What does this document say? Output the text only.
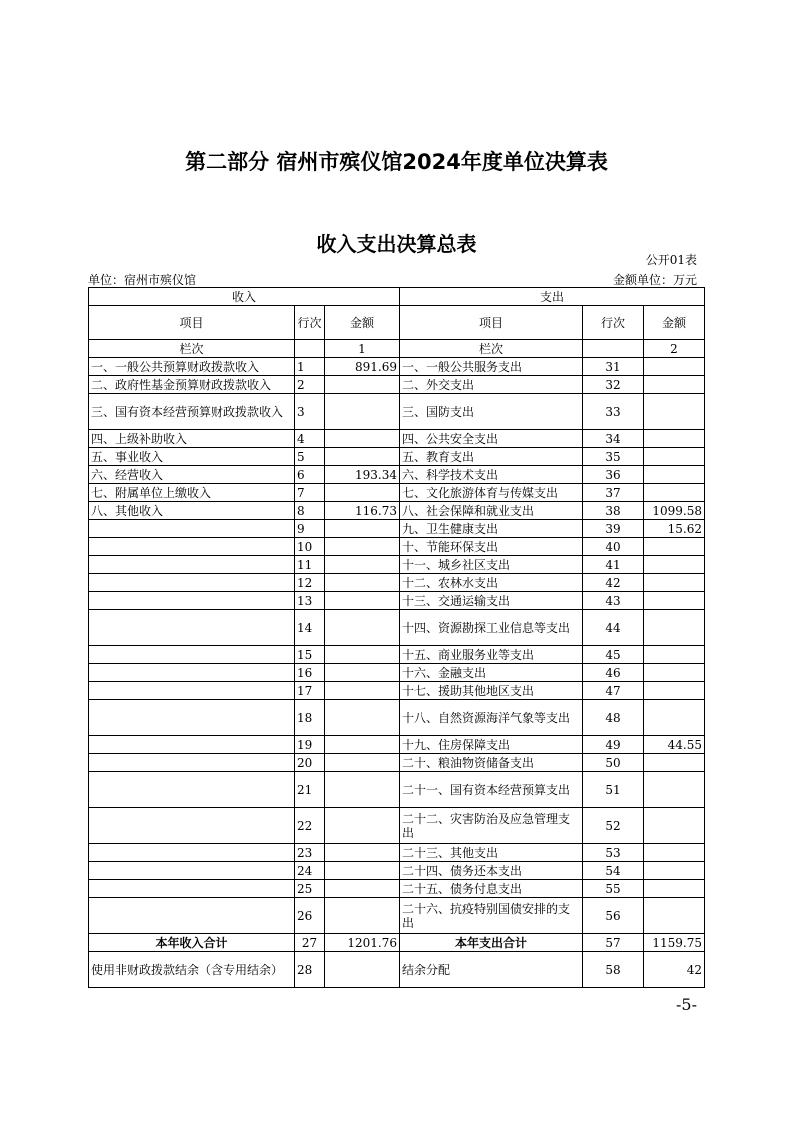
第二部分 宿州市殡仪馆2024年度单位决算表
收入支出决算总表
公开01表
单位：宿州市殡仪馆	金额单位：万元
收入			支出		
项目	行次	金额	项目	行次	金额
栏次		1	栏次		2
一、一般公共预算财政拨款收入	1	891.69	一、一般公共服务支出	31	
二、政府性基金预算财政拨款收入	2		二、外交支出	32	
三、国有资本经营预算财政拨款收入	3		三、国防支出	33	
四、上级补助收入	4		四、公共安全支出	34	
五、事业收入	5		五、教育支出	35	
六、经营收入	6	193.34	六、科学技术支出	36	
七、附属单位上缴收入	7		七、文化旅游体育与传媒支出	37	
八、其他收入	8	116.73	八、社会保障和就业支出	38	1099.58
	9		九、卫生健康支出	39	15.62
	10		十、节能环保支出	40	
	11		十一、城乡社区支出	41	
	12		十二、农林水支出	42	
	13		十三、交通运输支出	43	
	14		十四、资源勘探工业信息等支出	44	
	15		十五、商业服务业等支出	45	
	16		十六、金融支出	46	
	17		十七、援助其他地区支出	47	
	18		十八、自然资源海洋气象等支出	48	
	19		十九、住房保障支出	49	44.55
	20		二十、粮油物资储备支出	50	
	21		二十一、国有资本经营预算支出	51	
	22		二十二、灾害防治及应急管理支出	52	
	23		二十三、其他支出	53	
	24		二十四、债务还本支出	54	
	25		二十五、债务付息支出	55	
	26		二十六、抗疫特别国债安排的支出	56	
本年收入合计	27	1201.76	本年支出合计	57	1159.75
使用非财政拨款结余（含专用结余）	28		结余分配	58	42
-5-
